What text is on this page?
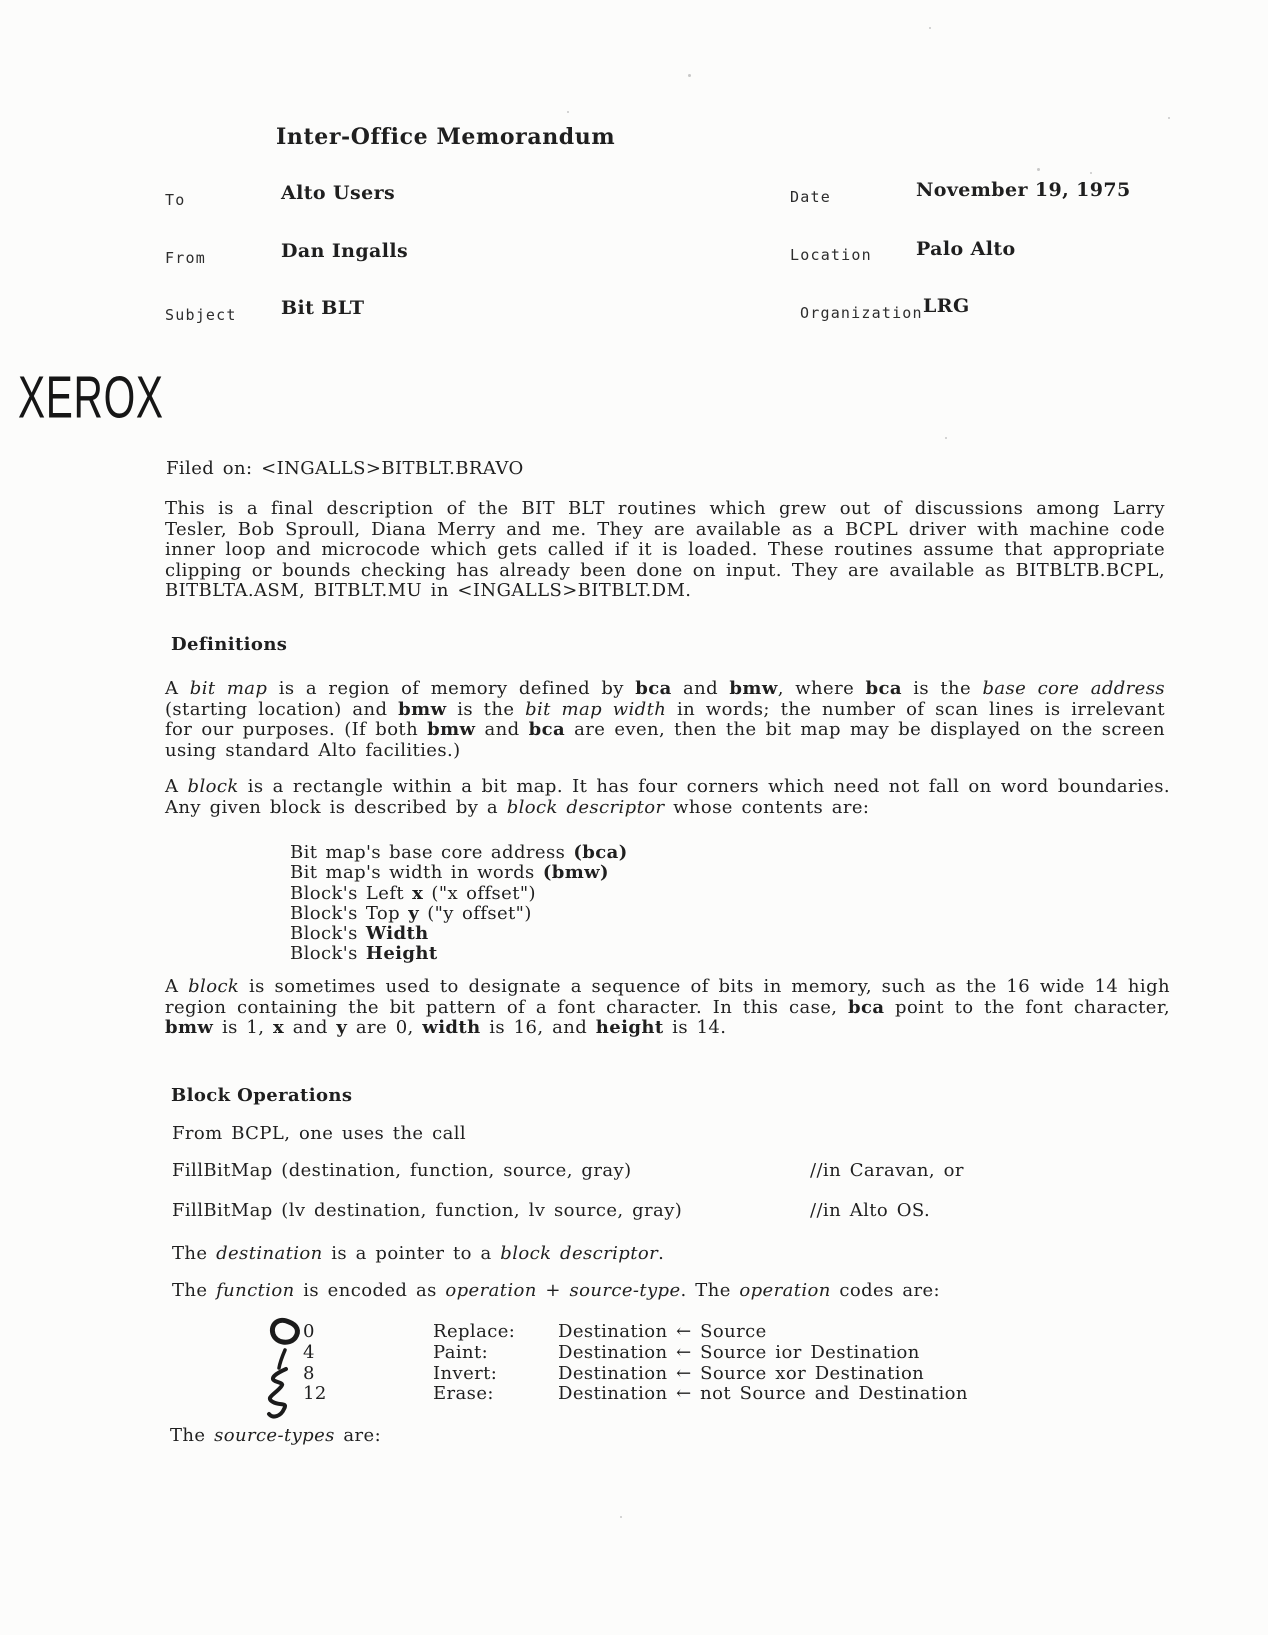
Inter-Office Memorandum
To	Alto Users
From	Dan Ingalls
Subject Bit BLT
Date	November 19, 1975
Location Palo Alto
Organization LRG
XEROX
Filed on: <INGALLS>BITBLT.BRAVO
This is a final description of the BIT BLT routines which grew out of discussions among Larry Tesler, Bob Sproull, Diana Merry and me. They are available as a BCPL driver with machine code inner loop and microcode which gets called if it is loaded. These routines assume that appropriate clipping or bounds checking has already been done on input. They are available as BITBLTB.BCPL, BITBLTA.ASM, BITBLT.MU in <INGALLS>BITBLT.DM.
Definitions
A bit map is a region of memory defined by bca and bmw, where bca is the base core address (starting location) and bmw is the bit map width in words; the number of scan lines is irrelevant for our purposes. (If both bmw and bca are even, then the bit map may be displayed on the screen using standard Alto facilities.)
A block is a rectangle within a bit map. It has four corners which need not fall on word boundaries. Any given block is described by a block descriptor whose contents are:
Bit map's base core address (bca)
Bit map's width in words (bmw)
Block's Left x ("x offset")
Block's Top y ("y offset")
Block's Width
Block's Height
A block is sometimes used to designate a sequence of bits in memory, such as the 16 wide 14 high region containing the bit pattern of a font character. In this case, bca point to the font character, bmw is 1, x and y are 0, width is 16, and height is 14.
Block Operations
From BCPL, one uses the call
FillBitMap (destination, function, source, gray)	//in Caravan, or
FillBitMap (lv destination, function, lv source, gray)	//in Alto OS.
The destination is a pointer to a block descriptor.
The function is encoded as operation + source-type. The operation codes are:
0	Replace: Destination ← Source
4	Paint:	Destination ← Source ior Destination
8	Invert:	Destination ← Source xor Destination
12	Erase:	Destination ← not Source and Destination
The source-types are:
